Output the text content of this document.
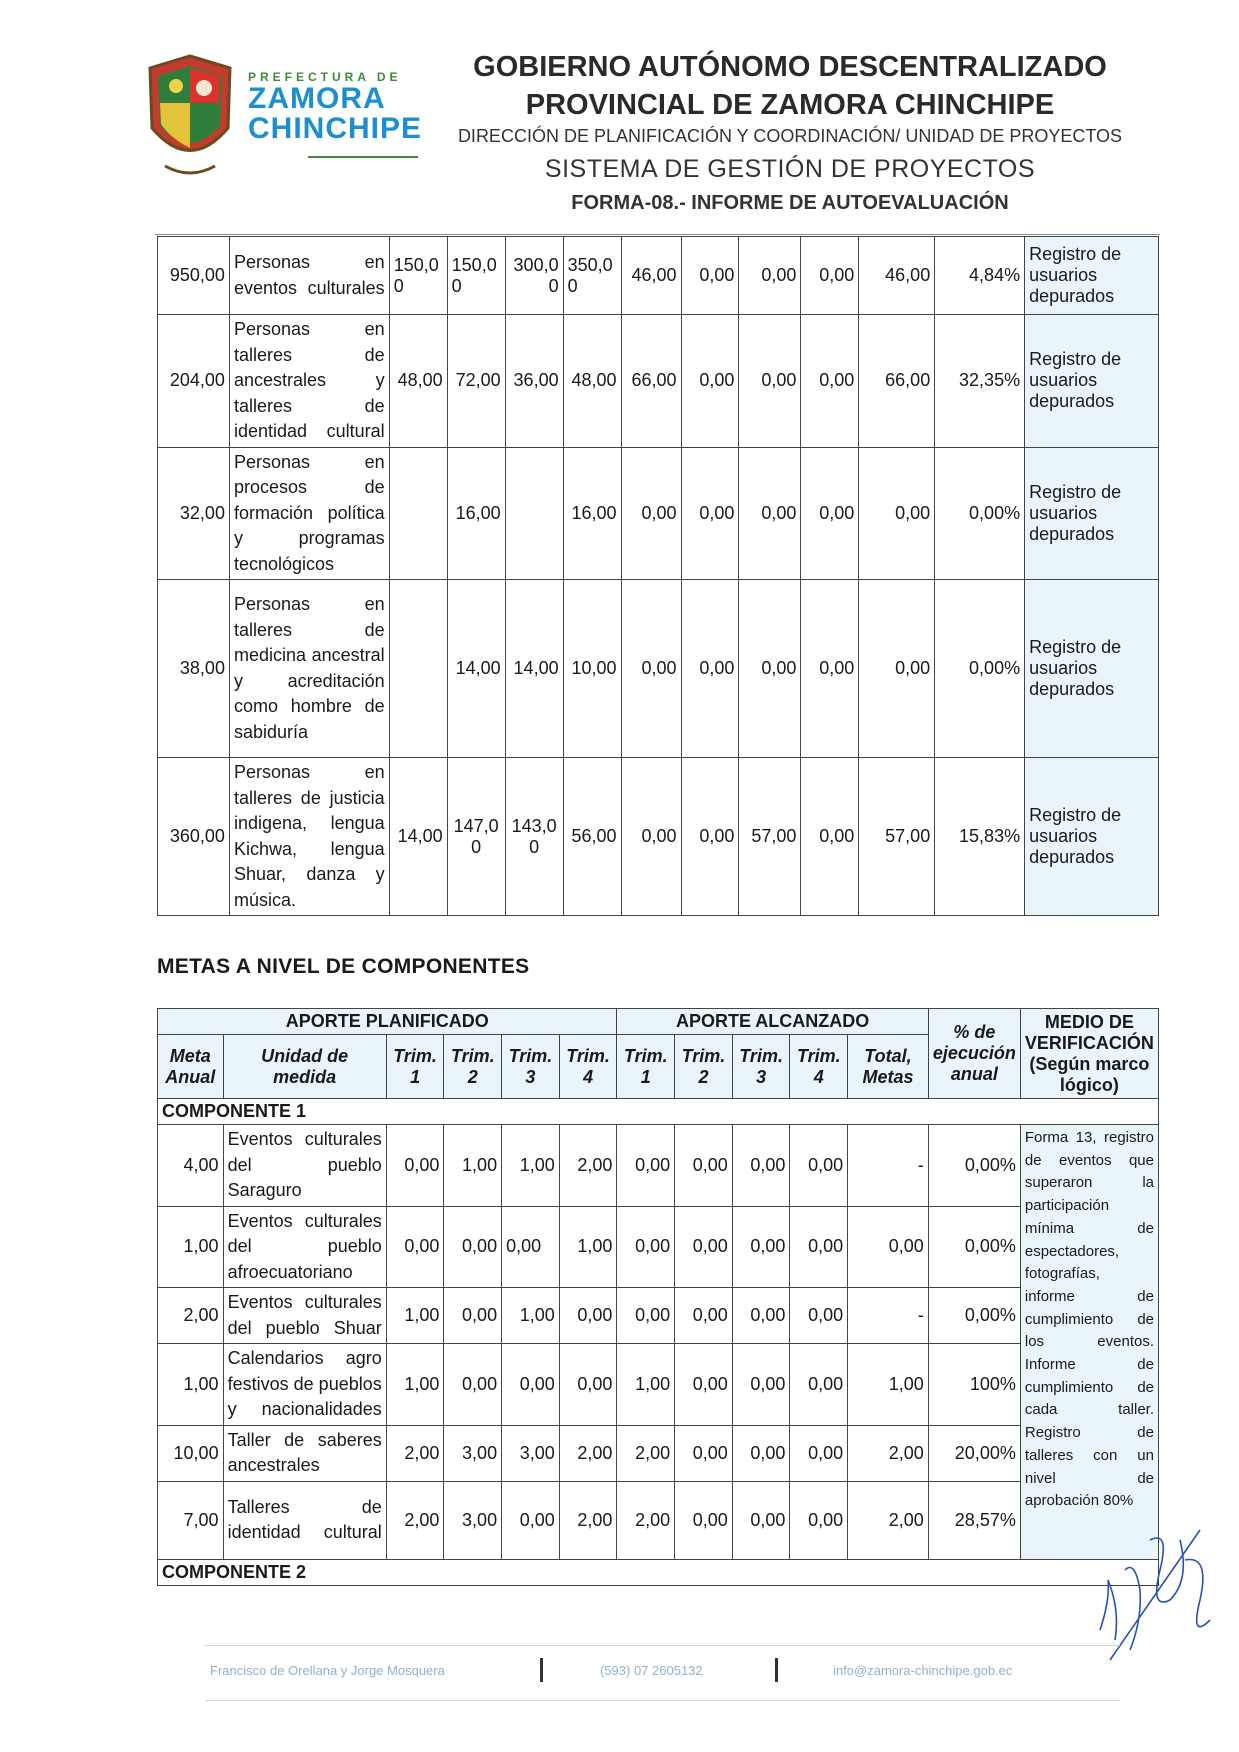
PREFECTURA DE
ZAMORA
CHINCHIPE
GOBIERNO AUTÓNOMO DESCENTRALIZADO
PROVINCIAL DE ZAMORA CHINCHIPE
DIRECCIÓN DE PLANIFICACIÓN Y COORDINACIÓN/ UNIDAD DE PROYECTOS
SISTEMA DE GESTIÓN DE PROYECTOS
FORMA-08.- INFORME DE AUTOEVALUACIÓN
950,00	Personas en eventos culturales	150,0 0	150,0 0	300,0 0	350,0 0	46,00	0,00	0,00	0,00	46,00	4,84%	Registro de usuarios depurados
204,00	Personas en talleres de ancestrales y talleres de identidad cultural	48,00	72,00	36,00	48,00	66,00	0,00	0,00	0,00	66,00	32,35%	Registro de usuarios depurados
32,00	Personas en procesos de formación política y programas tecnológicos		16,00		16,00	0,00	0,00	0,00	0,00	0,00	0,00%	Registro de usuarios depurados
38,00	Personas en talleres de medicina ancestral y acreditación como hombre de sabiduría		14,00	14,00	10,00	0,00	0,00	0,00	0,00	0,00	0,00%	Registro de usuarios depurados
360,00	Personas en talleres de justicia indigena, lengua Kichwa, lengua Shuar, danza y música.	14,00	147,0 0	143,0 0	56,00	0,00	0,00	57,00	0,00	57,00	15,83%	Registro de usuarios depurados
METAS A NIVEL DE COMPONENTES
APORTE PLANIFICADO						APORTE ALCANZADO					% de ejecución anual	MEDIO DE VERIFICACIÓN (Según marco lógico)
Meta Anual	Unidad de medida	Trim. 1	Trim. 2	Trim. 3	Trim. 4	Trim. 1	Trim. 2	Trim. 3	Trim. 4	Total, Metas		
COMPONENTE 1												
4,00	Eventos culturales del pueblo Saraguro	0,00	1,00	1,00	2,00	0,00	0,00	0,00	0,00	-	0,00%	Forma 13, registro de eventos que superaron la participación mínima de espectadores, fotografías, informe de cumplimiento de los eventos. Informe de cumplimiento de cada taller. Registro de talleres con un nivel de aprobación 80%
1,00	Eventos culturales del pueblo afroecuatoriano	0,00	0,00	0,00	1,00	0,00	0,00	0,00	0,00	0,00	0,00%	
2,00	Eventos culturales del pueblo Shuar	1,00	0,00	1,00	0,00	0,00	0,00	0,00	0,00	-	0,00%	
1,00	Calendarios agro festivos de pueblos y nacionalidades	1,00	0,00	0,00	0,00	1,00	0,00	0,00	0,00	1,00	100%	
10,00	Taller de saberes ancestrales	2,00	3,00	3,00	2,00	2,00	0,00	0,00	0,00	2,00	20,00%	
7,00	Talleres de identidad cultural	2,00	3,00	0,00	2,00	2,00	0,00	0,00	0,00	2,00	28,57%	
COMPONENTE 2												
Francisco de Orellana y Jorge Mosquera	(593) 07 2605132	info@zamora-chinchipe.gob.ec
